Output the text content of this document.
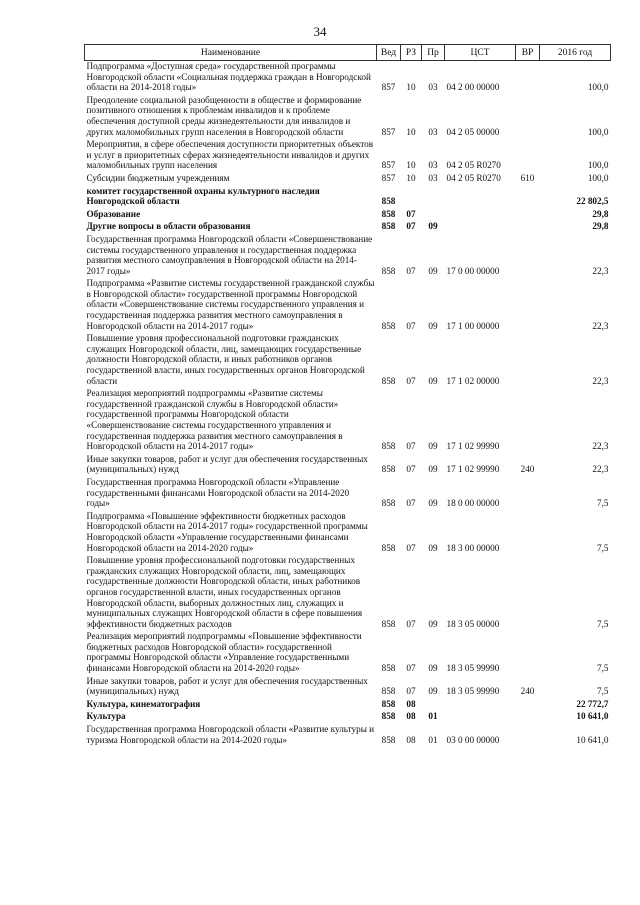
34
Наименование	Вед	РЗ	Пр	ЦСТ	ВР	2016 год
Подпрограмма «Доступная среда» государственной программы Новгородской области «Социальная поддержка граждан в Новгородской области на 2014-2018 годы»	857	10	03	04 2 00 00000		100,0
Преодоление социальной разобщенности в обществе и формирование позитивного отношения к проблемам инвалидов и к проблеме обеспечения доступной среды жизнедеятельности для инвалидов и других маломобильных групп населения в Новгородской области	857	10	03	04 2 05 00000		100,0
Мероприятия, в сфере обеспечения доступности приоритетных объектов и услуг в приоритетных сферах жизнедеятельности инвалидов и других маломобильных групп населения	857	10	03	04 2 05 R0270		100,0
Субсидии бюджетным учреждениям	857	10	03	04 2 05 R0270	610	100,0
комитет государственной охраны культурного наследия Новгородской области	858					22 802,5
Образование	858	07				29,8
Другие вопросы в области образования	858	07	09			29,8
Государственная программа Новгородской области «Совершенствование системы государственного управления и государственная поддержка развития местного самоуправления в Новгородской области на 2014-2017 годы»	858	07	09	17 0 00 00000		22,3
Подпрограмма «Развитие системы государственной гражданской службы в Новгородской области» государственной программы Новгородской области «Совершенствование системы государственного управления и государственная поддержка развития местного самоуправления в Новгородской области на 2014-2017 годы»	858	07	09	17 1 00 00000		22,3
Повышение уровня профессиональной подготовки гражданских служащих Новгородской области, лиц, замещающих государственные должности Новгородской области, и иных работников органов государственной власти, иных государственных органов Новгородской области	858	07	09	17 1 02 00000		22,3
Реализация мероприятий подпрограммы «Развитие системы государственной гражданской службы в Новгородской области» государственной программы Новгородской области «Совершенствование системы государственного управления и государственная поддержка развития местного самоуправления в Новгородской области на 2014-2017 годы»	858	07	09	17 1 02 99990		22,3
Иные закупки товаров, работ и услуг для обеспечения государственных (муниципальных) нужд	858	07	09	17 1 02 99990	240	22,3
Государственная программа Новгородской области «Управление государственными финансами Новгородской области на 2014-2020 годы»	858	07	09	18 0 00 00000		7,5
Подпрограмма «Повышение эффективности бюджетных расходов Новгородской области на 2014-2017 годы» государственной программы Новгородской области «Управление государственными финансами Новгородской области на 2014-2020 годы»	858	07	09	18 3 00 00000		7,5
Повышение уровня профессиональной подготовки государственных гражданских служащих Новгородской области, лиц, замещающих государственные должности Новгородской области, иных работников органов государственной власти, иных государственных органов Новгородской области, выборных должностных лиц, служащих и муниципальных служащих Новгородской области в сфере повышения эффективности бюджетных расходов	858	07	09	18 3 05 00000		7,5
Реализация мероприятий подпрограммы «Повышение эффективности бюджетных расходов Новгородской области» государственной программы Новгородской области «Управление государственными финансами Новгородской области на 2014-2020 годы»	858	07	09	18 3 05 99990		7,5
Иные закупки товаров, работ и услуг для обеспечения государственных (муниципальных) нужд	858	07	09	18 3 05 99990	240	7,5
Культура, кинематография	858	08				22 772,7
Культура	858	08	01			10 641,0
Государственная программа Новгородской области «Развитие культуры и туризма Новгородской области на 2014-2020 годы»	858	08	01	03 0 00 00000		10 641,0
